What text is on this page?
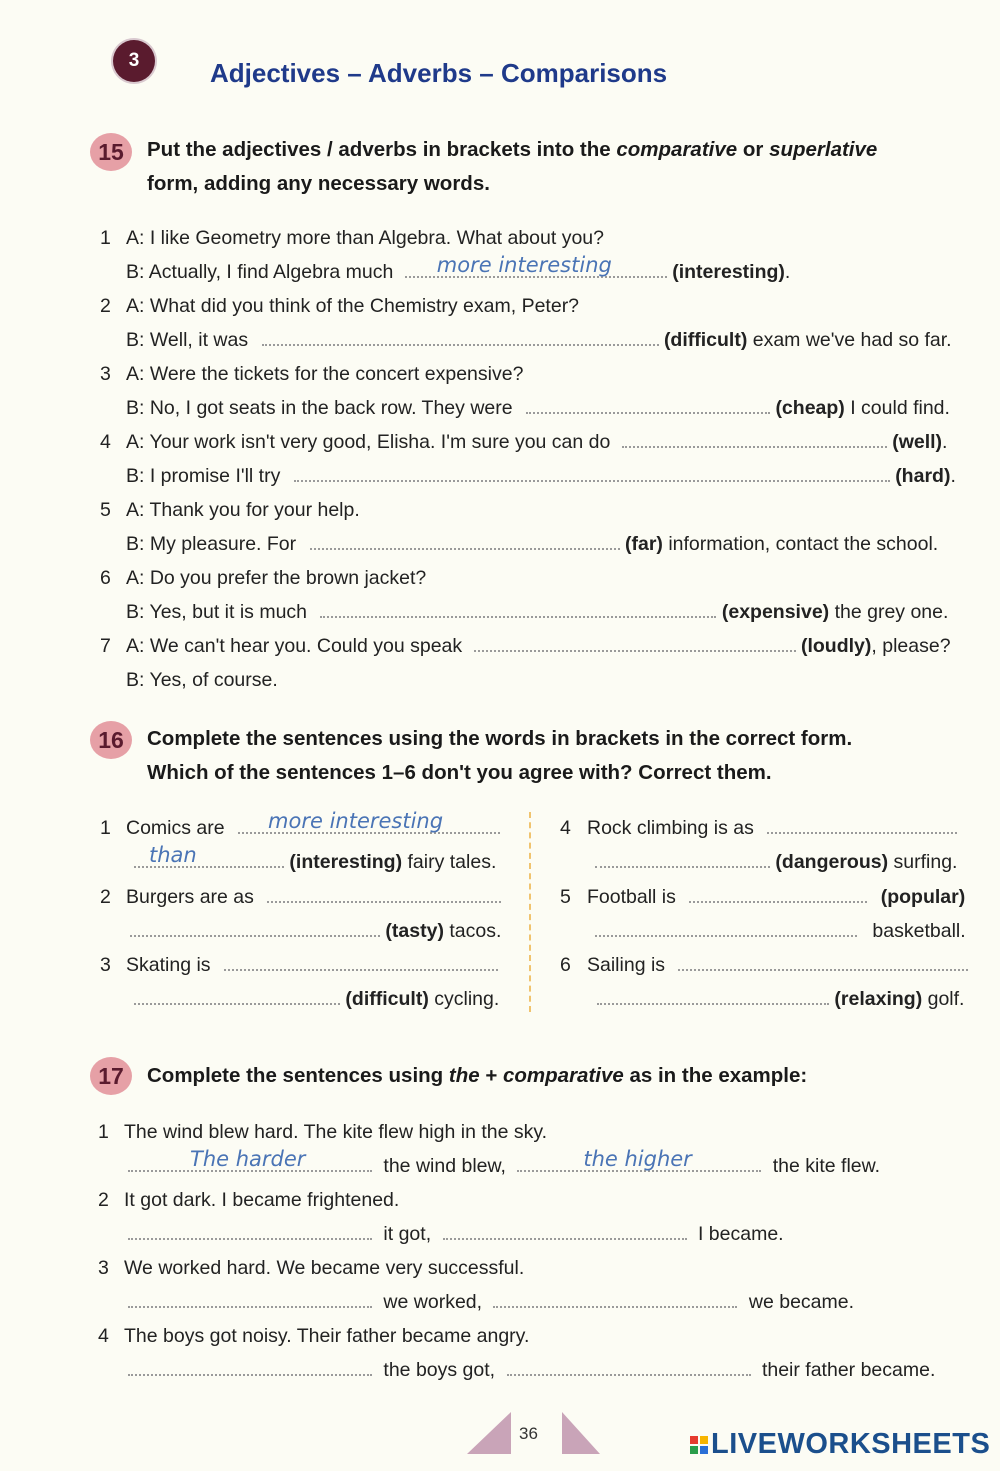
3	Adjectives – Adverbs – Comparisons
15	Put the adjectives / adverbs in brackets into the comparative or superlative
form, adding any necessary words.
1 A: I like Geometry more than Algebra. What about you?
B: Actually, I find Algebra much more interesting	(interesting).
2 A: What did you think of the Chemistry exam, Peter?
B: Well, it was	(difficult) exam we've had so far.
3 A: Were the tickets for the concert expensive?
B: No, I got seats in the back row. They were	(cheap) I could find.
4 A: Your work isn't very good, Elisha. I'm sure you can do	(well).
B: I promise I'll try	(hard).
5 A: Thank you for your help.
B: My pleasure. For	(far) information, contact the school.
6 A: Do you prefer the brown jacket?
B: Yes, but it is much	(expensive) the grey one.
7 A: We can't hear you. Could you speak	(loudly), please?
B: Yes, of course.
16	Complete the sentences using the words in brackets in the correct form.
Which of the sentences 1–6 don't you agree with? Correct them.
1 Comics are more interesting
than	(interesting) fairy tales.
2 Burgers are as
(tasty) tacos.
3 Skating is
(difficult) cycling.
4 Rock climbing is as
(dangerous) surfing.
5 Football is	(popular)
basketball.
6 Sailing is
(relaxing) golf.
17	Complete the sentences using the + comparative as in the example:
1 The wind blew hard. The kite flew high in the sky.
The harder	the wind blew,	the higher	the kite flew.
2 It got dark. I became frightened.
it got,	I became.
3 We worked hard. We became very successful.
we worked,	we became.
4 The boys got noisy. Their father became angry.
the boys got,	their father became.
36	LIVEWORKSHEETS
